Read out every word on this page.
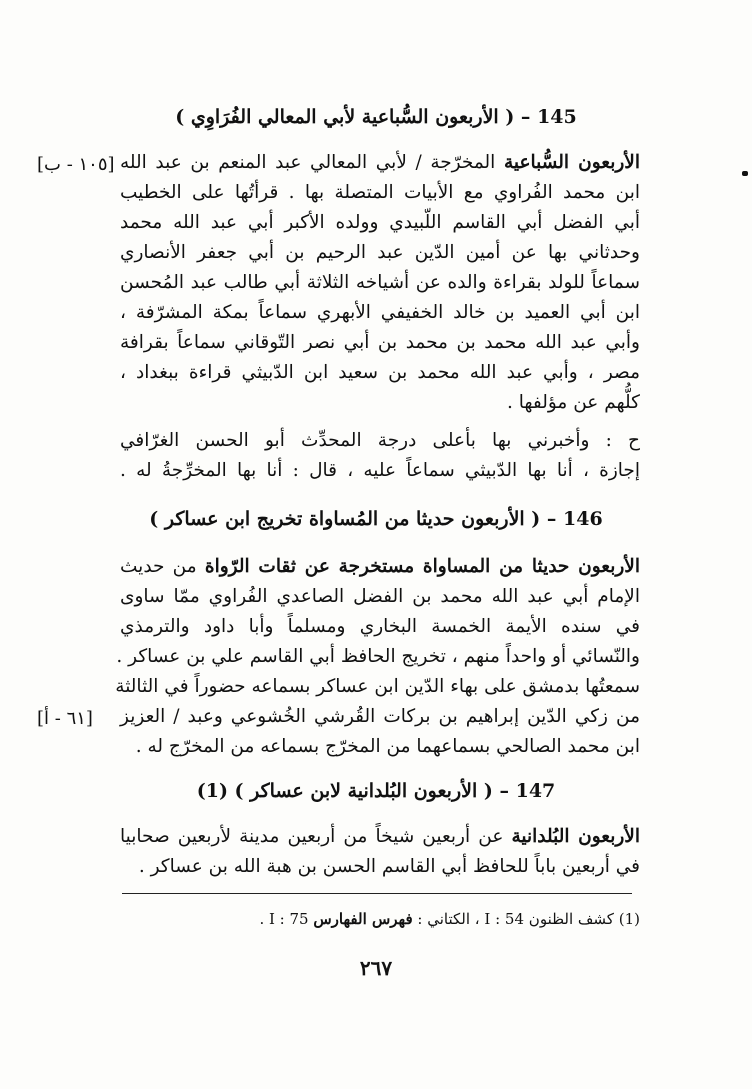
145 – ( الأربعون السُّباعية لأبي المعالي الفُرَاوِي )
[١٠٥ - ب]	الأربعون السُّباعية المخرّجة / لأبي المعالي عبد المنعم بن عبد الله
ابن محمد الفُراوي مع الأبيات المتصلة بها . قرأتُها على الخطيب
أبي الفضل أبي القاسم اللّبيدي وولده الأكبر أبي عبد الله محمد
وحدثاني بها عن أمين الدّين عبد الرحيم بن أبي جعفر الأنصاري
سماعاً للولد بقراءة والده عن أشياخه الثلاثة أبي طالب عبد المُحسن
ابن أبي العميد بن خالد الخفيفي الأبهري سماعاً بمكة المشرّفة ،
وأبي عبد الله محمد بن محمد بن أبي نصر التّوقاني سماعاً بقرافة
مصر ، وأبي عبد الله محمد بن سعيد ابن الدّبيثي قراءة ببغداد ،
كلُّهم عن مؤلفها .
ح : وأخبرني بها بأعلى درجة المحدِّث أبو الحسن الغرّافي
إجازة ، أنا بها الدّبيثي سماعاً عليه ، قال : أنا بها المخرِّجةُ له .
146 – ( الأربعون حديثا من المُساواة تخريج ابن عساكر )
الأربعون حديثا من المساواة مستخرجة عن ثقات الرّواة من حديث
الإمام أبي عبد الله محمد بن الفضل الصاعدي الفُراوي ممّا ساوى
في سنده الأيمة الخمسة البخاري ومسلماً وأبا داود والترمذي
والنّسائي أو واحداً منهم ، تخريج الحافظ أبي القاسم علي بن عساكر .
سمعتُها بدمشق على بهاء الدّين ابن عساكر بسماعه حضوراً في الثالثة
من زكي الدّين إبراهيم بن بركات القُرشي الخُشوعي وعبد / العزيز
[٦١ - أ]
ابن محمد الصالحي بسماعهما من المخرّج بسماعه من المخرّج له .
147 – ( الأربعون البُلدانية لابن عساكر ) (1)
الأربعون البُلدانية عن أربعين شيخاً من أربعين مدينة لأربعين صحابيا
في أربعين باباً للحافظ أبي القاسم الحسن بن هبة الله بن عساكر .
(1) كشف الظنون I : 54 ، الكتاني : فهرس الفهارس I : 75 .
٢٦٧
